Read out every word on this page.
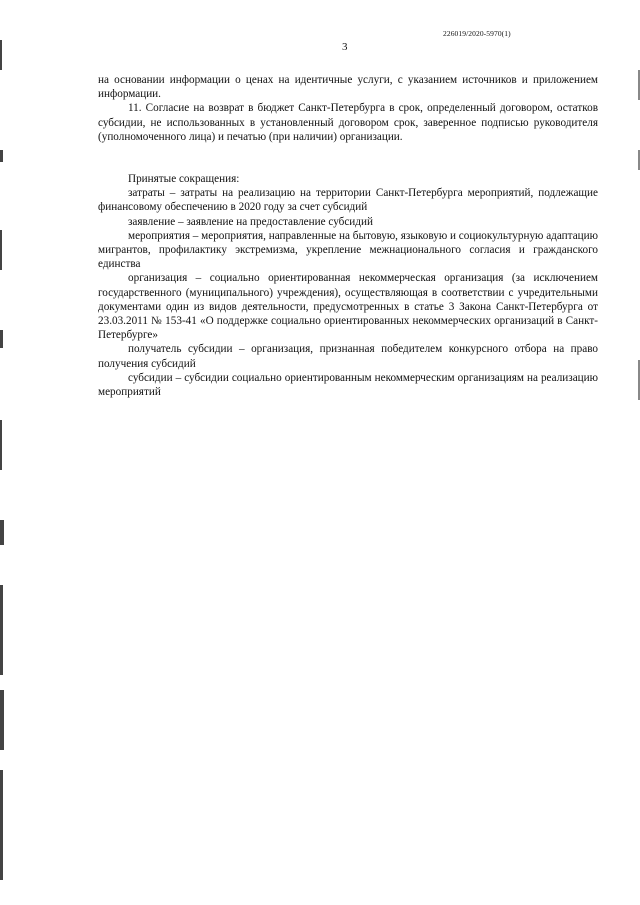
226019/2020-5970(1)
3

на основании информации о ценах на идентичные услуги, с указанием источников и приложением информации.

11. Согласие на возврат в бюджет Санкт-Петербурга в срок, определенный договором, остатков субсидии, не использованных в установленный договором срок, заверенное подписью руководителя (уполномоченного лица) и печатью (при наличии) организации.

Принятые сокращения:

затраты – затраты на реализацию на территории Санкт-Петербурга мероприятий, подлежащие финансовому обеспечению в 2020 году за счет субсидий

заявление – заявление на предоставление субсидий

мероприятия – мероприятия, направленные на бытовую, языковую и социокультурную адаптацию мигрантов, профилактику экстремизма, укрепление межнационального согласия и гражданского единства

организация – социально ориентированная некоммерческая организация (за исключением государственного (муниципального) учреждения), осуществляющая в соответствии с учредительными документами один из видов деятельности, предусмотренных в статье 3 Закона Санкт-Петербурга от 23.03.2011 № 153-41 «О поддержке социально ориентированных некоммерческих организаций в Санкт-Петербурге»

получатель субсидии – организация, признанная победителем конкурсного отбора на право получения субсидий

субсидии – субсидии социально ориентированным некоммерческим организациям на реализацию мероприятий
